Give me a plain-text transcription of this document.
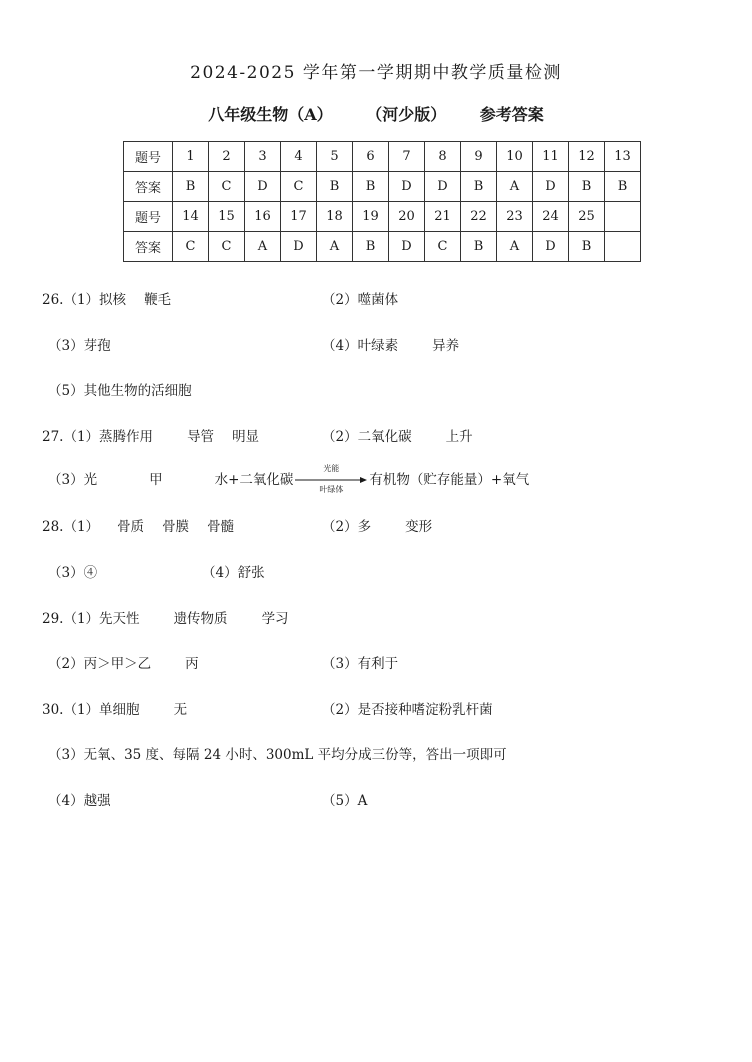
2024-2025 学年第一学期期中教学质量检测
八年级生物（A） （河少版） 参考答案
题号	1	2	3	4	5	6	7	8	9	10	11	12	13
答案	B	C	D	C	B	B	D	D	B	A	D	B	B
题号	14	15	16	17	18	19	20	21	22	23	24	25	
答案	C	C	A	D	A	B	D	C	B	A	D	B	
26.（1）拟核 鞭毛	（2）噬菌体
（3）芽孢	（4）叶绿素	异养
（5）其他生物的活细胞
27.（1）蒸腾作用	导管 明显	（2）二氧化碳	上升
（3）光	甲	水+二氧化碳
光能
叶绿体
有机物（贮存能量）+氧气
28.（1） 骨质 骨膜 骨髓	（2）多	变形
（3）④	（4）舒张
29.（1）先天性	遗传物质	学习
（2）丙＞甲＞乙	丙	（3）有利于
30.（1）单细胞	无	（2）是否接种嗜淀粉乳杆菌
（3）无氧、35 度、每隔 24 小时、300mL 平均分成三份等，答出一项即可
（4）越强	（5）A
